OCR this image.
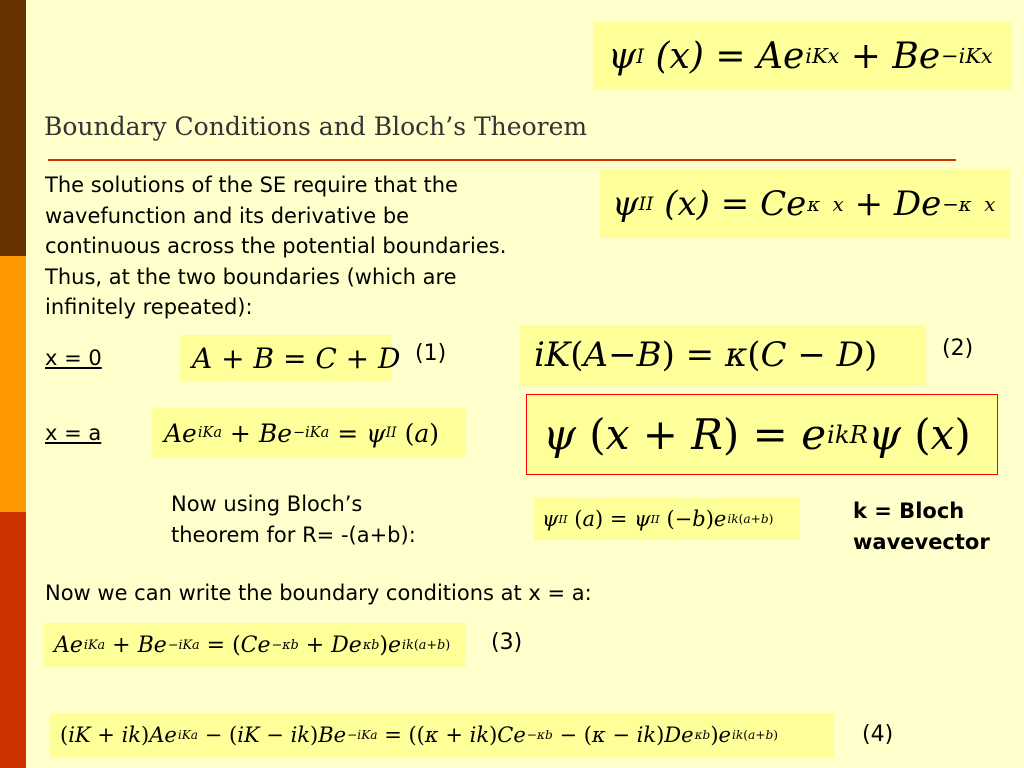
ψ I (x) = Ae iKx + Be −iKx
Boundary Conditions and Bloch’s Theorem
The solutions of the SE require that the
wavefunction and its derivative be
continuous across the potential boundaries.
Thus, at the two boundaries (which are
infinitely repeated):
ψ II (x) = Ce κ  x + De −κ  x
x = 0	A + B = C + D (1)	iK ( A − B ) = κ ( C − D )	(2)
x = a	Ae iKa + Be −iKa = ψ II
( a )	ψ ( x + R ) = e ikR ψ ( x )
Now using Bloch’s
theorem for R= -(a+b):
ψ II
( a ) = ψ II
(− b ) e ik(a+b)	k = Bloch
wavevector
Now we can write the boundary conditions at x = a:
Ae iKa + Be −iKa = ( Ce −κb + De κb ) e ik(a+b) (3)
( iK + ik ) Ae iKa − ( iK − ik ) Be −iKa = (( κ + ik ) Ce −κb − ( κ − ik ) De κb ) e ik(a+b)	(4)
